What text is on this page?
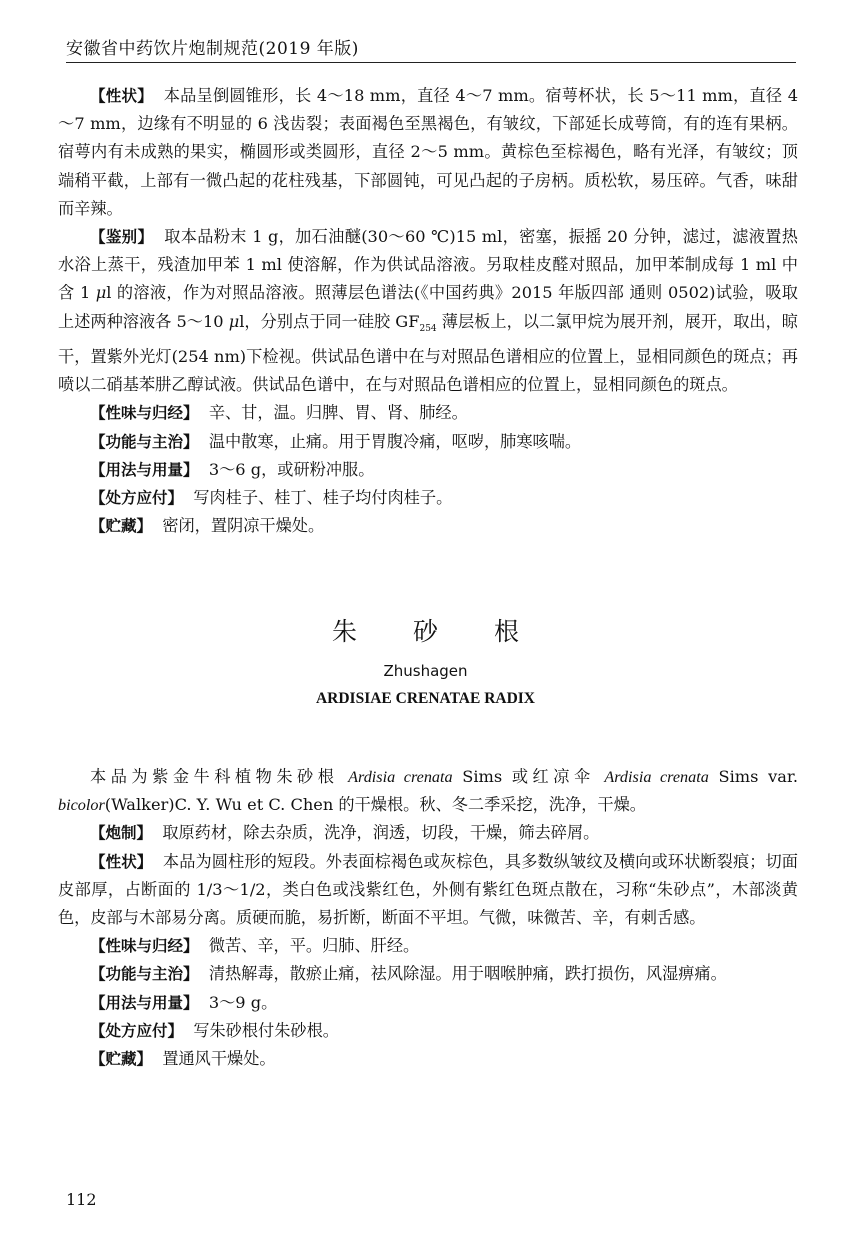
安徽省中药饮片炮制规范(2019 年版)

【性状】 本品呈倒圆锥形，长 4～18 mm，直径 4～7 mm。宿萼杯状，长 5～11 mm，直径 4～7 mm，边缘有不明显的 6 浅齿裂；表面褐色至黑褐色，有皱纹，下部延长成萼筒，有的连有果柄。宿萼内有未成熟的果实，椭圆形或类圆形，直径 2～5 mm。黄棕色至棕褐色，略有光泽，有皱纹；顶端稍平截，上部有一微凸起的花柱残基，下部圆钝，可见凸起的子房柄。质松软，易压碎。气香，味甜而辛辣。

【鉴别】 取本品粉末 1 g，加石油醚(30～60 ℃)15 ml，密塞，振摇 20 分钟，滤过，滤液置热水浴上蒸干，残渣加甲苯 1 ml 使溶解，作为供试品溶液。另取桂皮醛对照品，加甲苯制成每 1 ml 中含 1 μl 的溶液，作为对照品溶液。照薄层色谱法(《中国药典》2015 年版四部 通则 0502)试验，吸取上述两种溶液各 5～10 μl，分别点于同一硅胶 $GF_{254}$ 薄层板上，以二氯甲烷为展开剂，展开，取出，晾干，置紫外光灯(254 nm)下检视。供试品色谱中在与对照品色谱相应的位置上，显相同颜色的斑点；再喷以二硝基苯肼乙醇试液。供试品色谱中，在与对照品色谱相应的位置上，显相同颜色的斑点。

【性味与归经】 辛、甘，温。归脾、胃、肾、肺经。

【功能与主治】 温中散寒，止痛。用于胃腹冷痛，呕哕，肺寒咳喘。

【用法与用量】 3～6 g，或研粉冲服。

【处方应付】 写肉桂子、桂丁、桂子均付肉桂子。

【贮藏】 密闭，置阴凉干燥处。

朱 砂 根
Zhushagen
ARDISIAE CRENATAE RADIX

本品为紫金牛科植物朱砂根 Ardisia crenata Sims 或红凉伞 Ardisia crenata Sims var. bicolor(Walker)C. Y. Wu et C. Chen 的干燥根。秋、冬二季采挖，洗净，干燥。

【炮制】 取原药材，除去杂质，洗净，润透，切段，干燥，筛去碎屑。

【性状】 本品为圆柱形的短段。外表面棕褐色或灰棕色，具多数纵皱纹及横向或环状断裂痕；切面皮部厚，占断面的 1/3～1/2，类白色或浅紫红色，外侧有紫红色斑点散在，习称“朱砂点”，木部淡黄色，皮部与木部易分离。质硬而脆，易折断，断面不平坦。气微，味微苦、辛，有刺舌感。

【性味与归经】 微苦、辛，平。归肺、肝经。

【功能与主治】 清热解毒，散瘀止痛，祛风除湿。用于咽喉肿痛，跌打损伤，风湿痹痛。

【用法与用量】 3～9 g。

【处方应付】 写朱砂根付朱砂根。

【贮藏】 置通风干燥处。

112
